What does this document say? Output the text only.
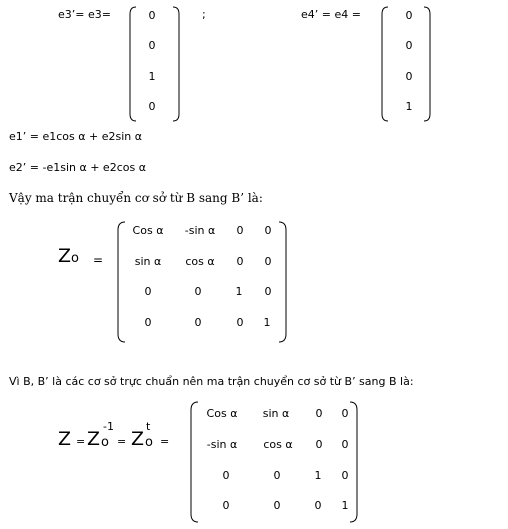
e3’= e3=	0
0
1
0
;	e4’ = e4 =	0
0
0
1
e1’ = e1cos α + e2sin α
e2’ = -e1sin α + e2cos α
Vậy ma trận chuyển cơ sở từ B sang B’ là:
Zo =
Cos α -sin α 0 0
sin α cos α 0 0
0	0	1 0
0	0	0 1
Vì B, B’ là các cơ sở trực chuẩn nên ma trận chuyển cơ sở từ B’ sang B là:
Z = Z o
-1
= Z o
t
=
Cos α sin α 0 0
-sin α cos α 0 0
0	0	1 0
0	0	0 1
